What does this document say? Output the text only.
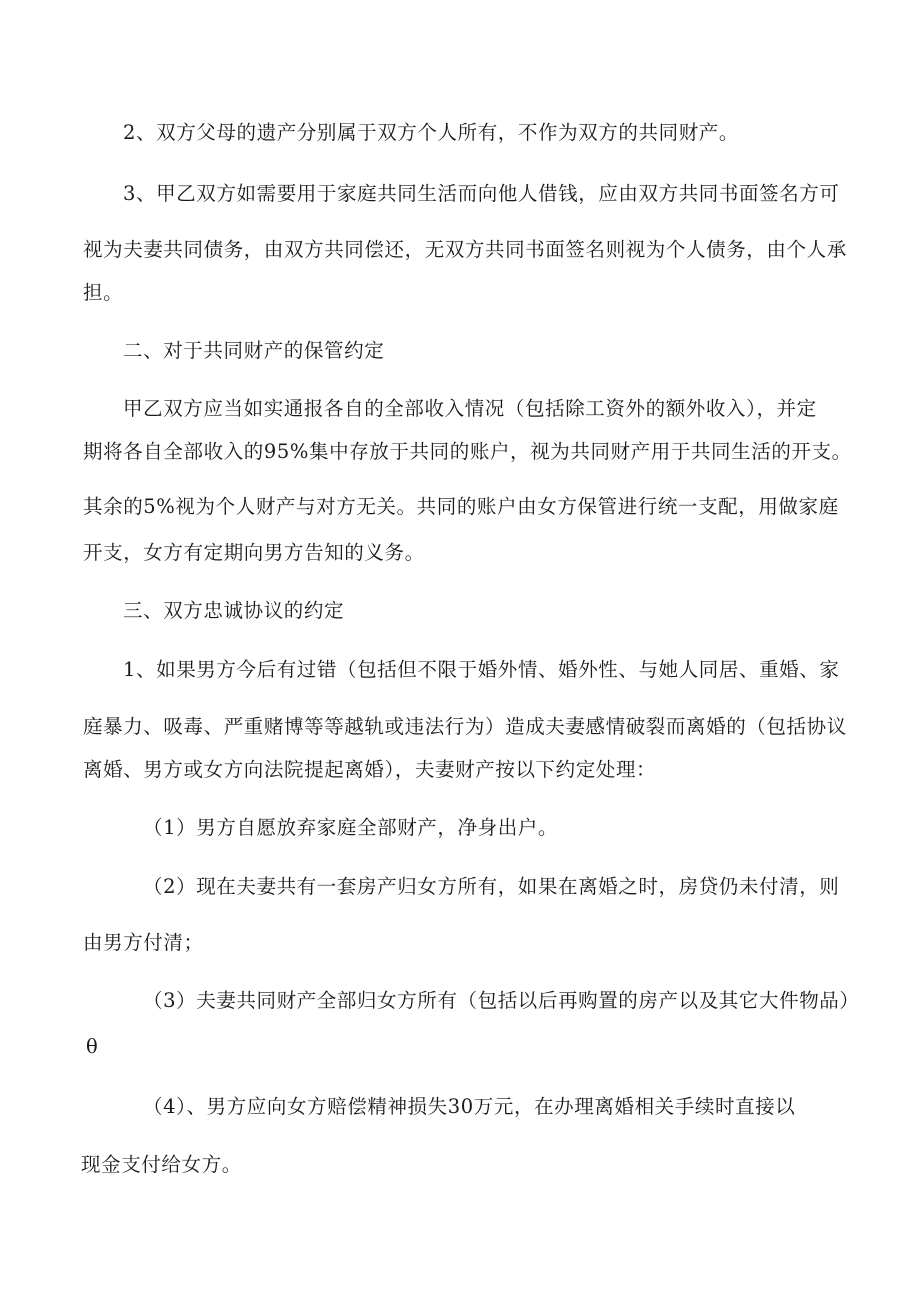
2、双方父母的遗产分别属于双方个人所有，不作为双方的共同财产。
3、甲乙双方如需要用于家庭共同生活而向他人借钱，应由双方共同书面签名方可
视为夫妻共同债务，由双方共同偿还，无双方共同书面签名则视为个人债务，由个人承
担。
二、对于共同财产的保管约定
甲乙双方应当如实通报各自的全部收入情况（包括除工资外的额外收入），并定
期将各自全部收入的95%集中存放于共同的账户，视为共同财产用于共同生活的开支。
其余的5%视为个人财产与对方无关。共同的账户由女方保管进行统一支配，用做家庭
开支，女方有定期向男方告知的义务。
三、双方忠诚协议的约定
1、如果男方今后有过错（包括但不限于婚外情、婚外性、与她人同居、重婚、家
庭暴力、吸毒、严重赌博等等越轨或违法行为）造成夫妻感情破裂而离婚的（包括协议
离婚、男方或女方向法院提起离婚），夫妻财产按以下约定处理：
（1）男方自愿放弃家庭全部财产，净身出户。
（2）现在夫妻共有一套房产归女方所有，如果在离婚之时，房贷仍未付清，则
由男方付清；
（3）夫妻共同财产全部归女方所有（包括以后再购置的房产以及其它大件物品）
θ
（4）、男方应向女方赔偿精神损失30万元，在办理离婚相关手续时直接以
现金支付给女方。
